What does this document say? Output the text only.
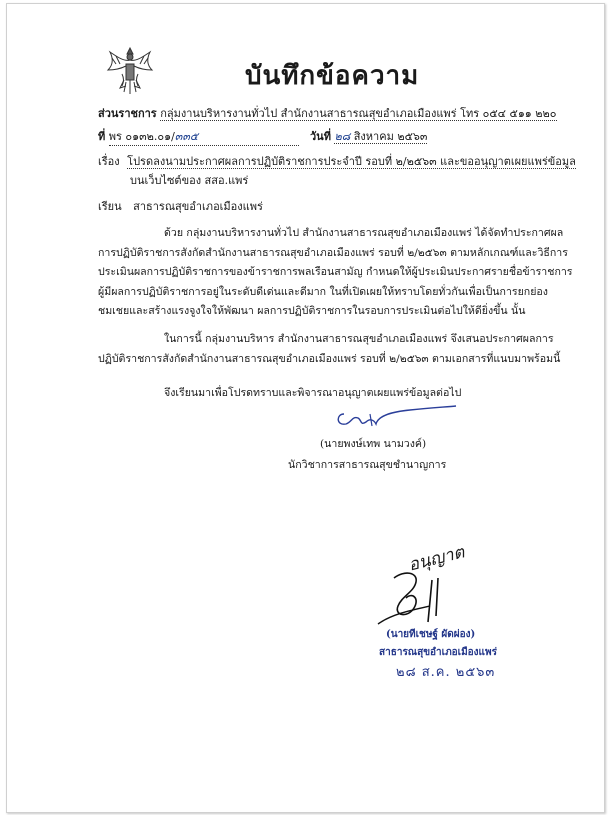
บันทึกข้อความ
ส่วนราชการ กลุ่มงานบริหารงานทั่วไป สำนักงานสาธารณสุขอำเภอเมืองแพร่ โทร ๐๕๔ ๕๑๑ ๒๒๐
ที่ พร ๐๑๓๒.๐๑/๓๓๕	วันที่ ๒๘ สิงหาคม ๒๕๖๓
เรื่อง โปรดลงนามประกาศผลการปฏิบัติราชการประจำปี รอบที่ ๒/๒๕๖๓ และขออนุญาตเผยแพร่ข้อมูล
บนเว็บไซต์ของ สสอ.แพร่
เรียน สาธารณสุขอำเภอเมืองแพร่
ด้วย กลุ่มงานบริหารงานทั่วไป สำนักงานสาธารณสุขอำเภอเมืองแพร่ ได้จัดทำประกาศผล
การปฏิบัติราชการสังกัดสำนักงานสาธารณสุขอำเภอเมืองแพร่ รอบที่ ๒/๒๕๖๓ ตามหลักเกณฑ์และวิธีการ
ประเมินผลการปฏิบัติราชการของข้าราชการพลเรือนสามัญ กำหนดให้ผู้ประเมินประกาศรายชื่อข้าราชการ
ผู้มีผลการปฏิบัติราชการอยู่ในระดับดีเด่นและดีมาก ในที่เปิดเผยให้ทราบโดยทั่วกันเพื่อเป็นการยกย่อง
ชมเชยและสร้างแรงจูงใจให้พัฒนา ผลการปฏิบัติราชการในรอบการประเมินต่อไปให้ดียิ่งขึ้น นั้น
ในการนี้ กลุ่มงานบริหาร สำนักงานสาธารณสุขอำเภอเมืองแพร่ จึงเสนอประกาศผลการ
ปฏิบัติราชการสังกัดสำนักงานสาธารณสุขอำเภอเมืองแพร่ รอบที่ ๒/๒๕๖๓ ตามเอกสารที่แนบมาพร้อมนี้
จึงเรียนมาเพื่อโปรดทราบและพิจารณาอนุญาตเผยแพร่ข้อมูลต่อไป
(นายพงษ์เทพ นามวงค์)
นักวิชาการสาธารณสุขชำนาญการ
อนุญาต
(นายทีเชษฐ์ ผัดผ่อง)
สาธารณสุขอำเภอเมืองแพร่
๒๘ ส.ค. ๒๕๖๓
